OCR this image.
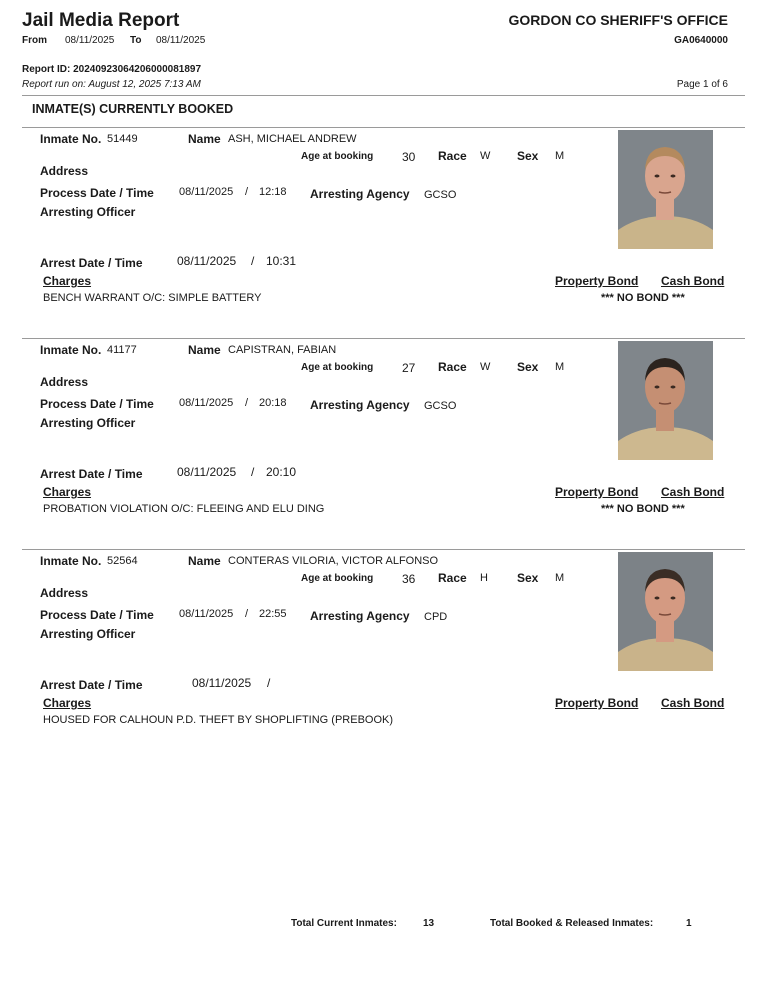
Jail Media Report	GORDON CO SHERIFF'S OFFICE
From 08/11/2025 To 08/11/2025	GA0640000
Report ID: 20240923064206000081897
Report run on: August 12, 2025 7:13 AM	Page 1 of 6
INMATE(S) CURRENTLY BOOKED
Inmate No. 51449	Name ASH, MICHAEL ANDREW
Age at booking 30 Race W Sex M
Address
Process Date / Time 08/11/2025 / 12:18 Arresting Agency GCSO
Arresting Officer
Arrest Date / Time	08/11/2025 / 10:31
Charges	Property Bond Cash Bond
BENCH WARRANT O/C: SIMPLE BATTERY	*** NO BOND ***
Inmate No. 41177	Name CAPISTRAN, FABIAN
Age at booking 27 Race W Sex M
Address
Process Date / Time 08/11/2025 / 20:18 Arresting Agency GCSO
Arresting Officer
Arrest Date / Time	08/11/2025 / 20:10
Charges	Property Bond Cash Bond
PROBATION VIOLATION O/C: FLEEING AND ELU DING	*** NO BOND ***
Inmate No. 52564	Name CONTERAS VILORIA, VICTOR ALFONSO
Age at booking 36 Race H Sex M
Address
Process Date / Time 08/11/2025 / 22:55 Arresting Agency CPD
Arresting Officer
Arrest Date / Time	08/11/2025 /
Charges	Property Bond Cash Bond
HOUSED FOR CALHOUN P.D. THEFT BY SHOPLIFTING (PREBOOK)
Total Current Inmates:	13	Total Booked & Released Inmates:	1
